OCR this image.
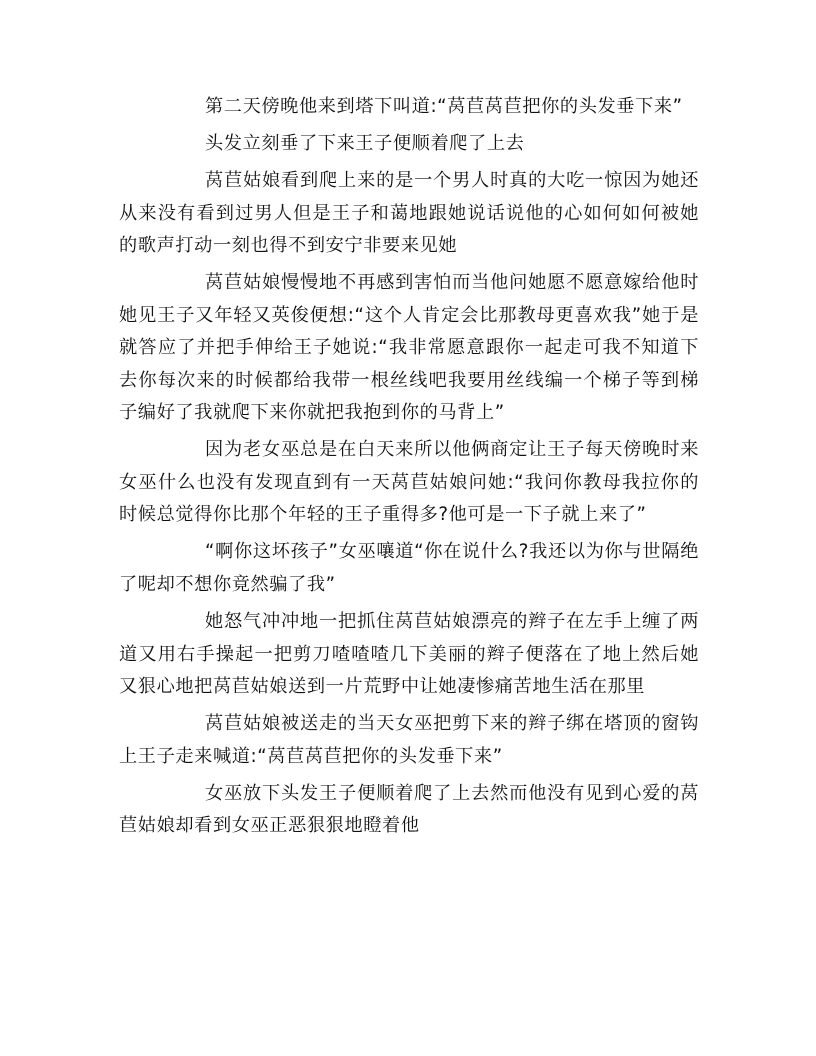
第二天傍晚他来到塔下叫道:“莴苣莴苣把你的头发垂下来”

头发立刻垂了下来王子便顺着爬了上去

莴苣姑娘看到爬上来的是一个男人时真的大吃一惊因为她还从来没有看到过男人但是王子和蔼地跟她说话说他的心如何如何被她的歌声打动一刻也得不到安宁非要来见她

莴苣姑娘慢慢地不再感到害怕而当他问她愿不愿意嫁给他时她见王子又年轻又英俊便想:“这个人肯定会比那教母更喜欢我”她于是就答应了并把手伸给王子她说:“我非常愿意跟你一起走可我不知道下去你每次来的时候都给我带一根丝线吧我要用丝线编一个梯子等到梯子编好了我就爬下来你就把我抱到你的马背上”

因为老女巫总是在白天来所以他俩商定让王子每天傍晚时来女巫什么也没有发现直到有一天莴苣姑娘问她:“我问你教母我拉你的时候总觉得你比那个年轻的王子重得多?他可是一下子就上来了”

“啊你这坏孩子”女巫嚷道“你在说什么?我还以为你与世隔绝了呢却不想你竟然骗了我”

她怒气冲冲地一把抓住莴苣姑娘漂亮的辫子在左手上缠了两道又用右手操起一把剪刀喳喳喳几下美丽的辫子便落在了地上然后她又狠心地把莴苣姑娘送到一片荒野中让她凄惨痛苦地生活在那里

莴苣姑娘被送走的当天女巫把剪下来的辫子绑在塔顶的窗钩上王子走来喊道:“莴苣莴苣把你的头发垂下来”

女巫放下头发王子便顺着爬了上去然而他没有见到心爱的莴苣姑娘却看到女巫正恶狠狠地瞪着他
